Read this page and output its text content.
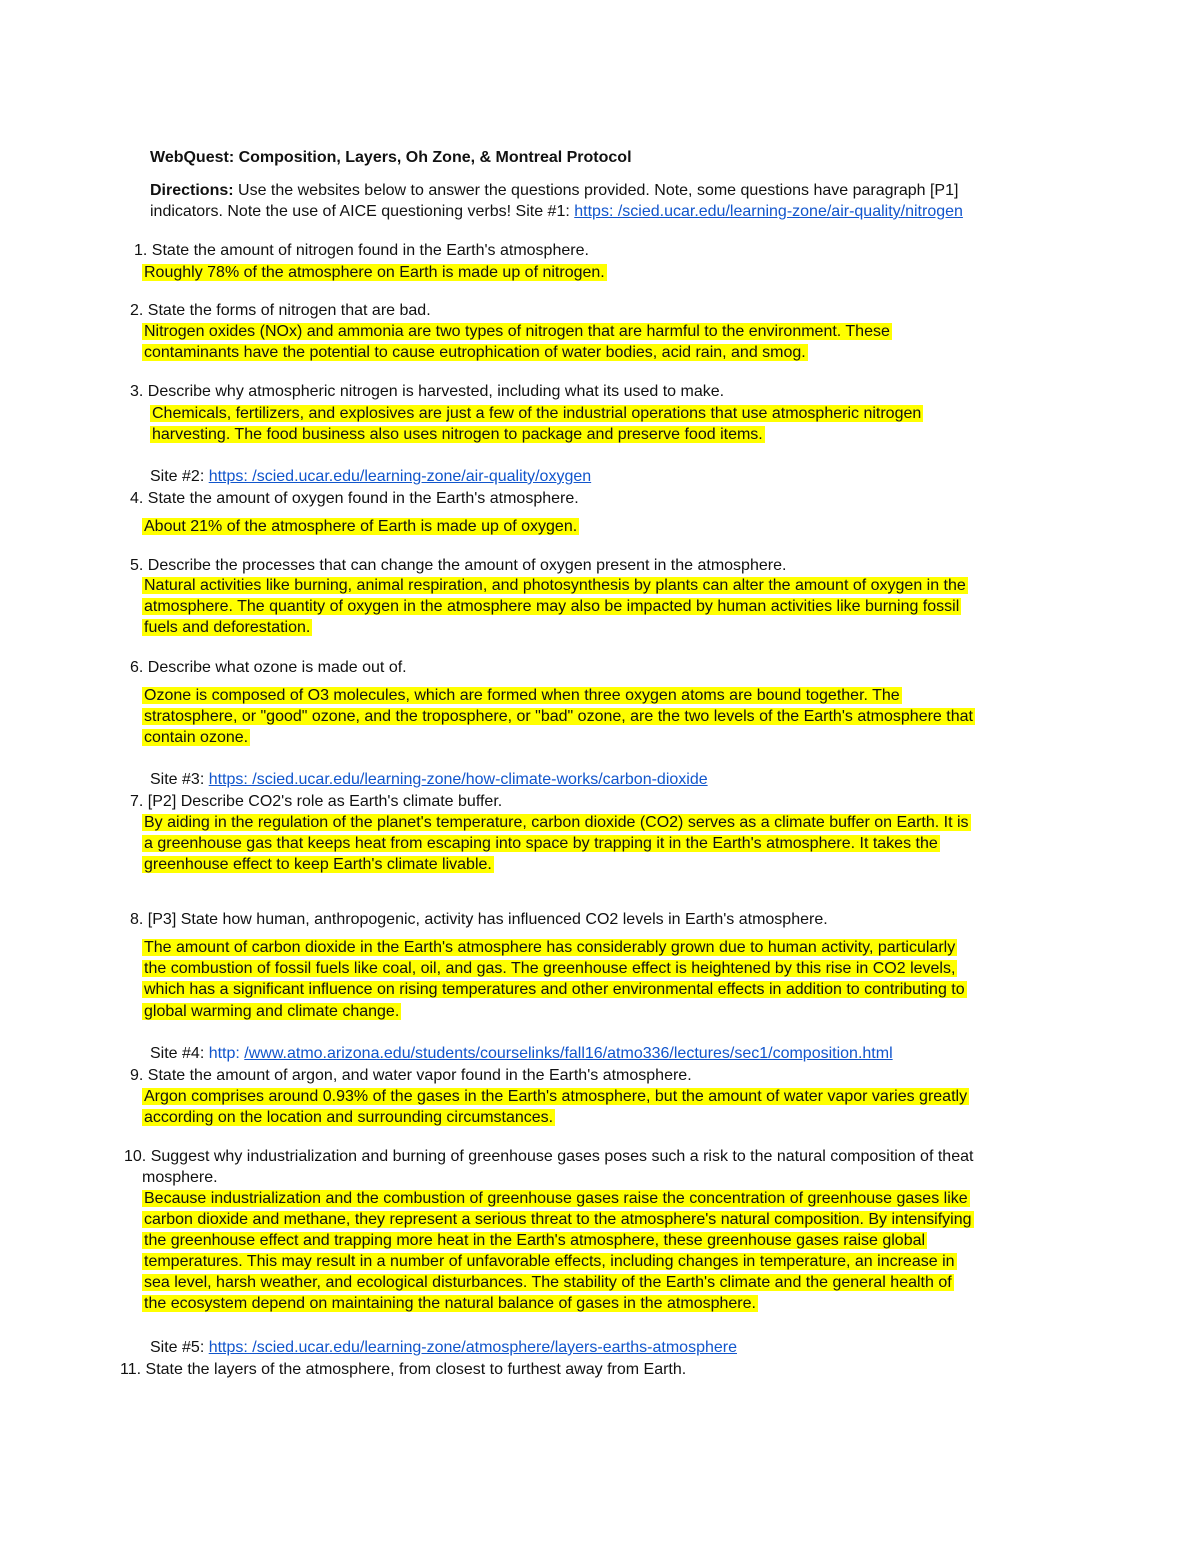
WebQuest: Composition, Layers, Oh Zone, & Montreal Protocol
Directions: Use the websites below to answer the questions provided. Note, some questions have paragraph [P1]
indicators. Note the use of AICE questioning verbs! Site #1: https: /scied.ucar.edu/learning-zone/air-quality/nitrogen
1. State the amount of nitrogen found in the Earth's atmosphere.
Roughly 78% of the atmosphere on Earth is made up of nitrogen.
2. State the forms of nitrogen that are bad.
Nitrogen oxides (NOx) and ammonia are two types of nitrogen that are harmful to the environment. These
contaminants have the potential to cause eutrophication of water bodies, acid rain, and smog.
3. Describe why atmospheric nitrogen is harvested, including what its used to make.
Chemicals, fertilizers, and explosives are just a few of the industrial operations that use atmospheric nitrogen
harvesting. The food business also uses nitrogen to package and preserve food items.
Site #2: https: /scied.ucar.edu/learning-zone/air-quality/oxygen
4. State the amount of oxygen found in the Earth's atmosphere.
About 21% of the atmosphere of Earth is made up of oxygen.
5. Describe the processes that can change the amount of oxygen present in the atmosphere.
Natural activities like burning, animal respiration, and photosynthesis by plants can alter the amount of oxygen in the
atmosphere. The quantity of oxygen in the atmosphere may also be impacted by human activities like burning fossil
fuels and deforestation.
6. Describe what ozone is made out of.
Ozone is composed of O3 molecules, which are formed when three oxygen atoms are bound together. The
stratosphere, or "good" ozone, and the troposphere, or "bad" ozone, are the two levels of the Earth's atmosphere that
contain ozone.
Site #3: https: /scied.ucar.edu/learning-zone/how-climate-works/carbon-dioxide
7. [P2] Describe CO2's role as Earth's climate buffer.
By aiding in the regulation of the planet's temperature, carbon dioxide (CO2) serves as a climate buffer on Earth. It is
a greenhouse gas that keeps heat from escaping into space by trapping it in the Earth's atmosphere. It takes the
greenhouse effect to keep Earth's climate livable.
8. [P3] State how human, anthropogenic, activity has influenced CO2 levels in Earth's atmosphere.
The amount of carbon dioxide in the Earth's atmosphere has considerably grown due to human activity, particularly
the combustion of fossil fuels like coal, oil, and gas. The greenhouse effect is heightened by this rise in CO2 levels,
which has a significant influence on rising temperatures and other environmental effects in addition to contributing to
global warming and climate change.
Site #4: http: /www.atmo.arizona.edu/students/courselinks/fall16/atmo336/lectures/sec1/composition.html
9. State the amount of argon, and water vapor found in the Earth's atmosphere.
Argon comprises around 0.93% of the gases in the Earth's atmosphere, but the amount of water vapor varies greatly
according on the location and surrounding circumstances.
10. Suggest why industrialization and burning of greenhouse gases poses such a risk to the natural composition of theat
mosphere.
Because industrialization and the combustion of greenhouse gases raise the concentration of greenhouse gases like
carbon dioxide and methane, they represent a serious threat to the atmosphere's natural composition. By intensifying
the greenhouse effect and trapping more heat in the Earth's atmosphere, these greenhouse gases raise global
temperatures. This may result in a number of unfavorable effects, including changes in temperature, an increase in
sea level, harsh weather, and ecological disturbances. The stability of the Earth's climate and the general health of
the ecosystem depend on maintaining the natural balance of gases in the atmosphere.
Site #5: https: /scied.ucar.edu/learning-zone/atmosphere/layers-earths-atmosphere
11. State the layers of the atmosphere, from closest to furthest away from Earth.
